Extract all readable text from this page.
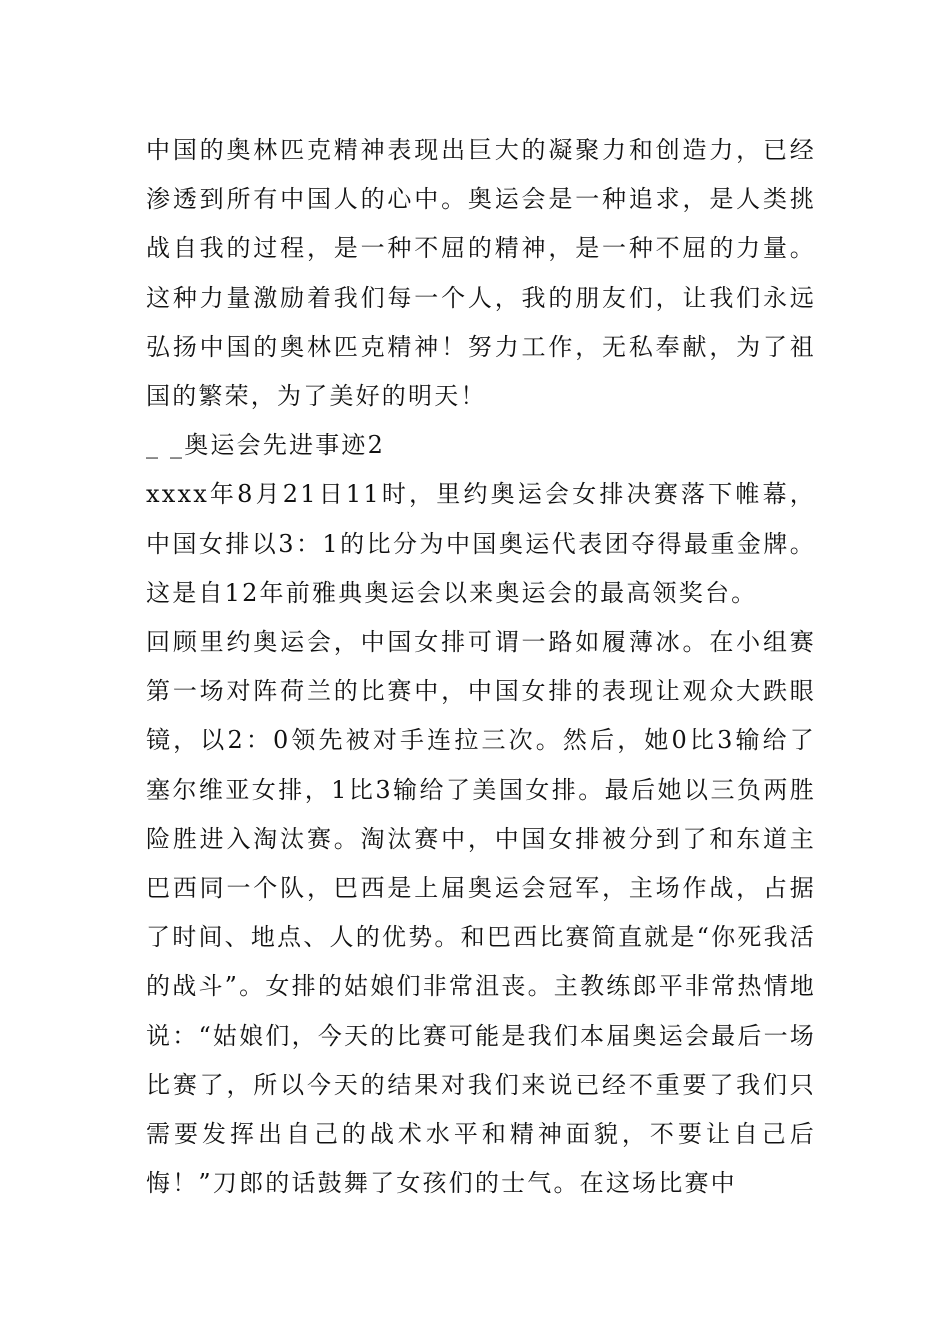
中国的奥林匹克精神表现出巨大的凝聚力和创造力，已经渗透到所有中国人的心中。奥运会是一种追求，是人类挑战自我的过程，是一种不屈的精神，是一种不屈的力量。这种力量激励着我们每一个人，我的朋友们，让我们永远弘扬中国的奥林匹克精神！努力工作，无私奉献，为了祖国的繁荣，为了美好的明天！

_ _奥运会先进事迹2

xxxx年8月21日11时，里约奥运会女排决赛落下帷幕，中国女排以3：1的比分为中国奥运代表团夺得最重金牌。这是自12年前雅典奥运会以来奥运会的最高领奖台。

回顾里约奥运会，中国女排可谓一路如履薄冰。在小组赛第一场对阵荷兰的比赛中，中国女排的表现让观众大跌眼镜，以2：0领先被对手连拉三次。然后，她0比3输给了塞尔维亚女排，1比3输给了美国女排。最后她以三负两胜险胜进入淘汰赛。淘汰赛中，中国女排被分到了和东道主巴西同一个队，巴西是上届奥运会冠军，主场作战，占据了时间、地点、人的优势。和巴西比赛简直就是“你死我活的战斗”。女排的姑娘们非常沮丧。主教练郎平非常热情地说：“姑娘们，今天的比赛可能是我们本届奥运会最后一场比赛了，所以今天的结果对我们来说已经不重要了我们只需要发挥出自己的战术水平和精神面貌，不要让自己后悔！”刀郎的话鼓舞了女孩们的士气。在这场比赛中
